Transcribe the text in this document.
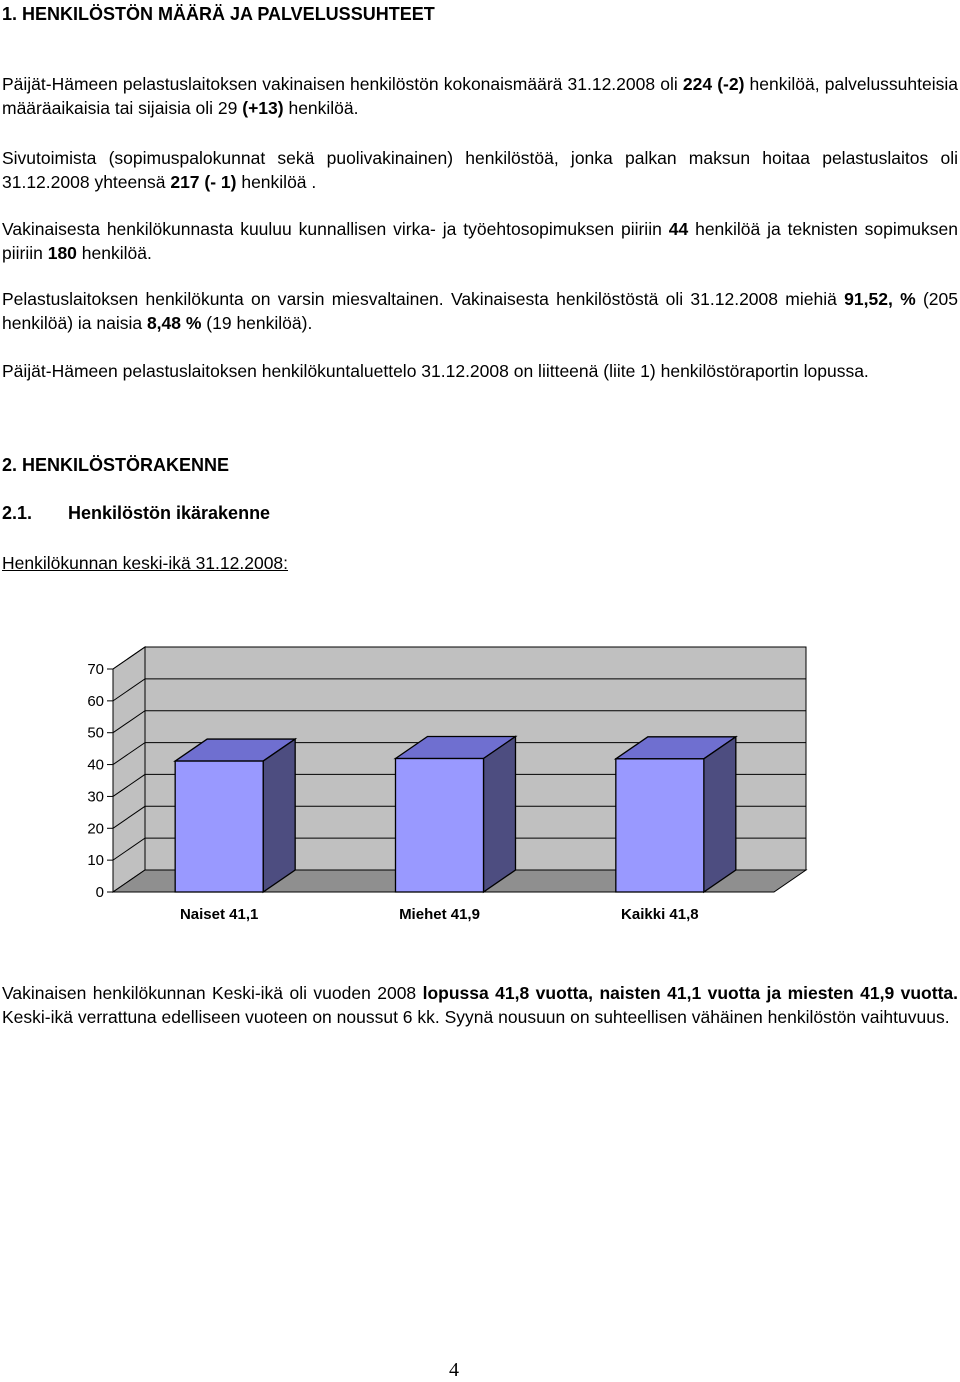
1. HENKILÖSTÖN MÄÄRÄ JA PALVELUSSUHTEET

Päijät-Hämeen pelastuslaitoksen vakinaisen henkilöstön kokonaismäärä 31.12.2008 oli 224 (-2) henkilöä, palvelussuhteisia määräaikaisia tai sijaisia oli 29 (+13) henkilöä.

Sivutoimista (sopimuspalokunnat sekä puolivakinainen) henkilöstöä, jonka palkan maksun hoitaa pelastuslaitos oli 31.12.2008 yhteensä 217 (- 1) henkilöä .

Vakinaisesta henkilökunnasta kuuluu kunnallisen virka- ja työehtosopimuksen piiriin 44 henkilöä ja teknisten sopimuksen piiriin 180 henkilöä.

Pelastuslaitoksen henkilökunta on varsin miesvaltainen. Vakinaisesta henkilöstöstä oli 31.12.2008 miehiä 91,52, % (205 henkilöä) ia naisia 8,48 % (19 henkilöä).

Päijät-Hämeen pelastuslaitoksen henkilökuntaluettelo 31.12.2008 on liitteenä (liite 1) henkilöstöraportin lopussa.

2. HENKILÖSTÖRAKENNE
2.1. Henkilöstön ikärakenne

Henkilökunnan keski-ikä 31.12.2008:

0
10
20
30
40
50
60
70
Naiset 41,1	Miehet 41,9	Kaikki 41,8

Vakinaisen henkilökunnan Keski-ikä oli vuoden 2008 lopussa 41,8 vuotta, naisten 41,1 vuotta ja miesten 41,9 vuotta. Keski-ikä verrattuna edelliseen vuoteen on noussut 6 kk. Syynä nousuun on suhteellisen vähäinen henkilöstön vaihtuvuus.

4
